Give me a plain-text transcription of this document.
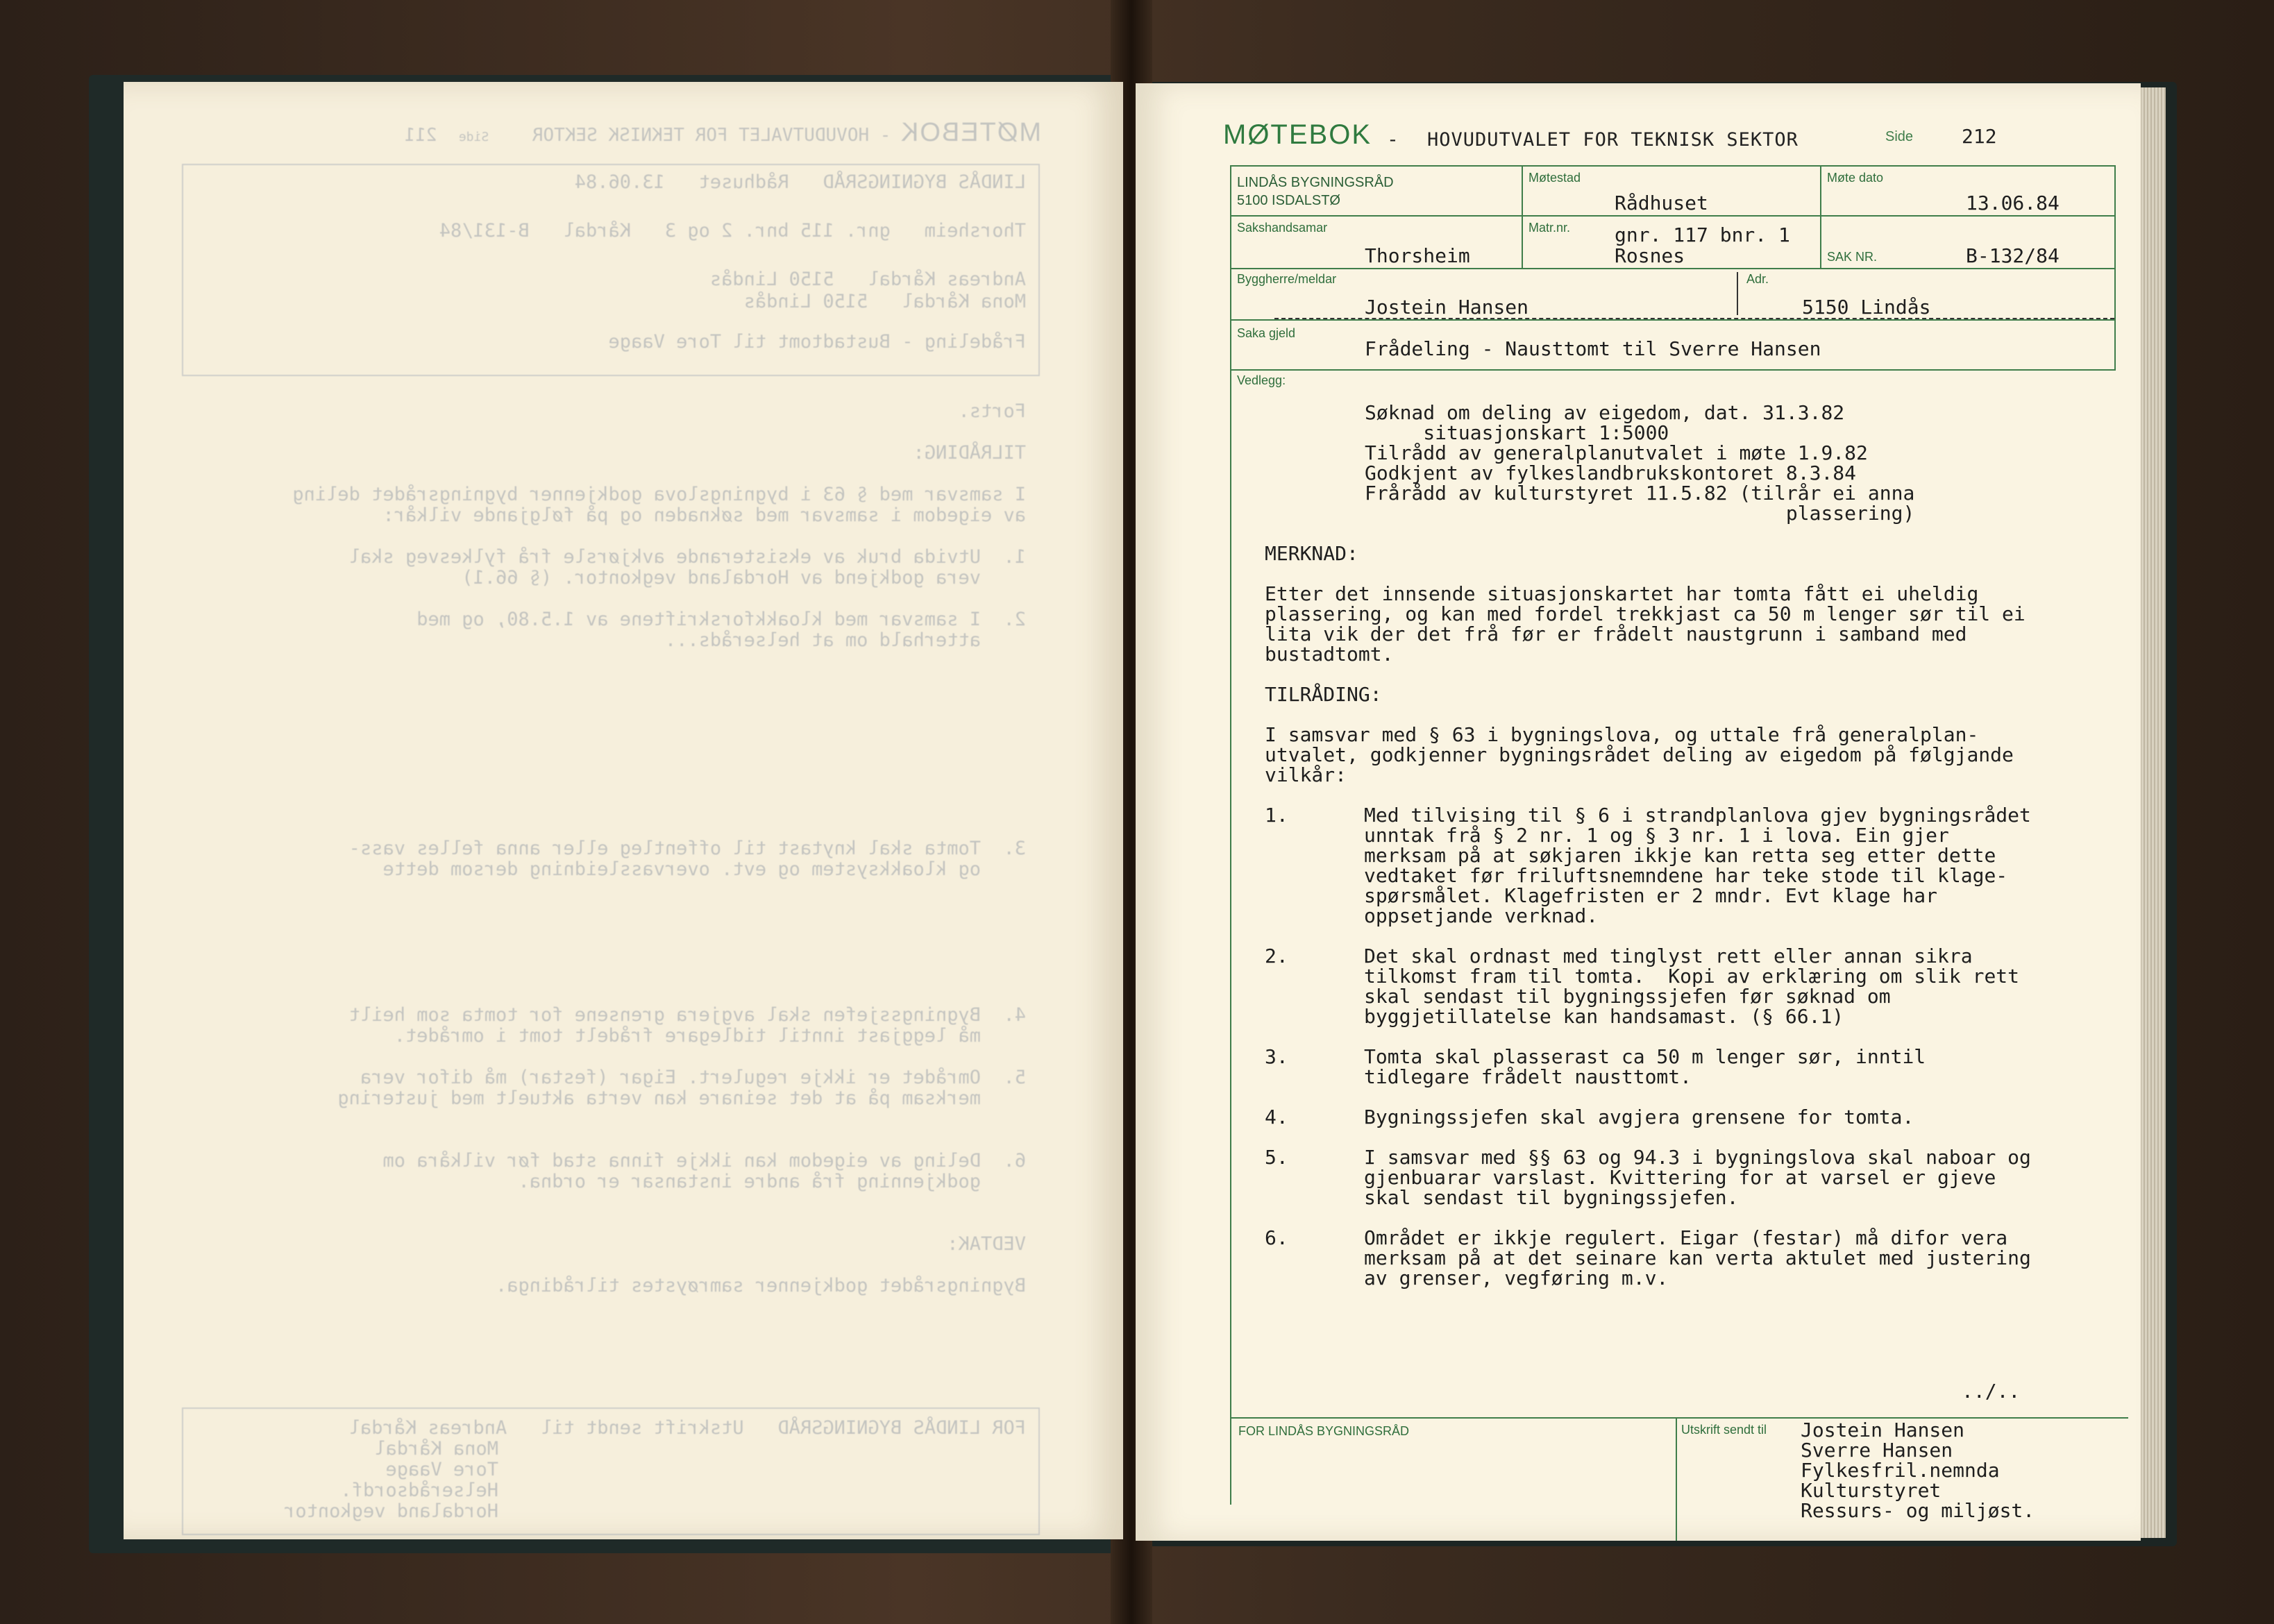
MØTEBOK - HOVUDUTVALET FOR TEKNISK SEKTOR    Side  211
LINDÅS BYGNINGSRÅD   Rådhuset   13.06.84
Thorsheim   gnr. 115 bnr. 2 og 3   Kårdal   B-131/84
Andreas Kårdal   5150 Lindås
Mona Kårdal   5150 Lindås
Frådeling - Bustadtomt til Tore Vaage
Forts.
TILRÅDING:
I samsvar med § 63 i bygningslova godkjenner bygningsrådet deling
av eigedom i samsvar med søknaden og på følgjande vilkår:
1.  Utvida bruk av eksisterande avkjørsle frå fylkesveg skal
vera godkjend av Hordaland vegkontor. (§ 66.1)
2.  I samsvar med kloakkforskriftene av 1.5.80, og med
atterhald om at helseråds...
3.  Tomta skal knytast til offentleg eller anna felles vass-
og kloakksystem og evt. overvassleidning dersom dette
4.  Bygningssjefen skal avgjera grensene for tomta som heilt
må leggjast inntil tidlegare frådelt tomt i området.
5.  Området er ikkje regulert. Eigar (festar) må difor vera
merksam på at det seinare kan verta aktuelt med justering
6.  Deling av eigedom kan ikkje finna stad før vilkåra om
godkjenning frå andre instansar er ordna.
VEDTAK:
Bygningsrådet godkjenner samrøystes tilrådinga.
FOR LINDÅS BYGNINGSRÅD   Utskrift sendt til   Andreas Kårdal
Mona Kårdal
Tore Vaage
Helserådsordf.
Hordaland vegkontor
MØTEBOK - HOVUDUTVALET FOR TEKNISK SEKTOR	Side 212
LINDÅS BYGNINGSRÅD
5100 ISDALSTØ
Møtestad
Rådhuset
Møte dato
13.06.84
Sakshandsamar
Thorsheim
Matr.nr. gnr. 117 bnr. 1
Rosnes	SAK NR.	B-132/84
Byggherre/meldar
Jostein Hansen
Adr.
5150 Lindås
Saka gjeld
Frådeling - Nausttomt til Sverre Hansen
Vedlegg:
Søknad om deling av eigedom, dat. 31.3.82
situasjonskart 1:5000
Tilrådd av generalplanutvalet i møte 1.9.82
Godkjent av fylkeslandbrukskontoret 8.3.84
Frårådd av kulturstyret 11.5.82 (tilrår ei anna
plassering)
MERKNAD:
Etter det innsende situasjonskartet har tomta fått ei uheldig
plassering, og kan med fordel trekkjast ca 50 m lenger sør til ei
lita vik der det frå før er frådelt naustgrunn i samband med
bustadtomt.
TILRÅDING:
I samsvar med § 63 i bygningslova, og uttale frå generalplan-
utvalet, godkjenner bygningsrådet deling av eigedom på følgjande
vilkår:
1.	Med tilvising til § 6 i strandplanlova gjev bygningsrådet
unntak frå § 2 nr. 1 og § 3 nr. 1 i lova. Ein gjer
merksam på at søkjaren ikkje kan retta seg etter dette
vedtaket før friluftsnemndene har teke stode til klage-
spørsmålet. Klagefristen er 2 mndr. Evt klage har
oppsetjande verknad.
2.	Det skal ordnast med tinglyst rett eller annan sikra
tilkomst fram til tomta.  Kopi av erklæring om slik rett
skal sendast til bygningssjefen før søknad om
byggjetillatelse kan handsamast. (§ 66.1)
3.	Tomta skal plasserast ca 50 m lenger sør, inntil
tidlegare frådelt nausttomt.
4.	Bygningssjefen skal avgjera grensene for tomta.
5.	I samsvar med §§ 63 og 94.3 i bygningslova skal naboar og
gjenbuarar varslast. Kvittering for at varsel er gjeve
skal sendast til bygningssjefen.
6.	Området er ikkje regulert. Eigar (festar) må difor vera
merksam på at det seinare kan verta aktulet med justering
av grenser, vegføring m.v.
../..
FOR LINDÅS BYGNINGSRÅD	Utskrift sendt til Jostein Hansen
Sverre Hansen
Fylkesfril.nemnda
Kulturstyret
Ressurs- og miljøst.
